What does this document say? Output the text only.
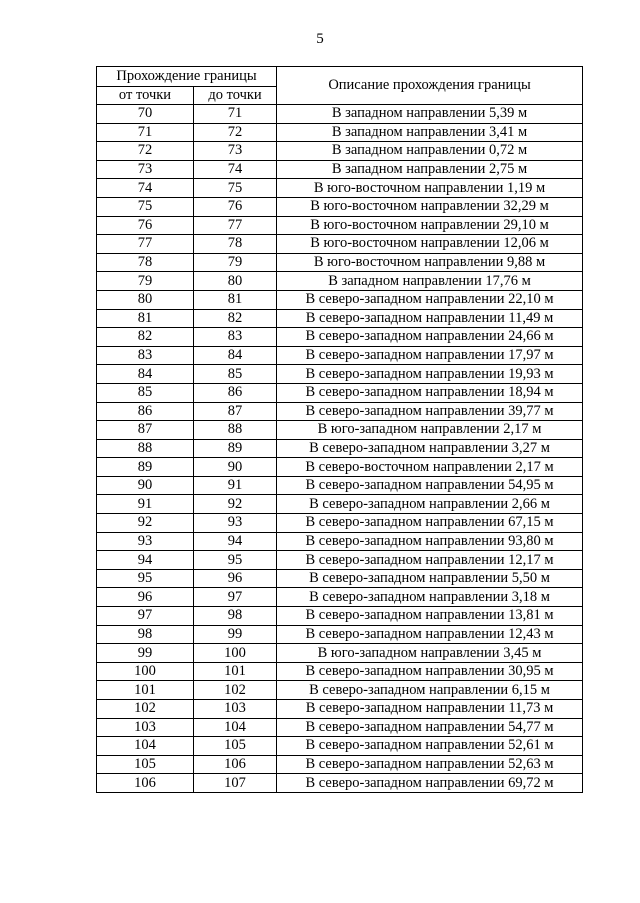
5
Прохождение границы		Описание прохождения границы
от точки	до точки	
70	71	В западном направлении 5,39 м
71	72	В западном направлении 3,41 м
72	73	В западном направлении 0,72 м
73	74	В западном направлении 2,75 м
74	75	В юго-восточном направлении 1,19 м
75	76	В юго-восточном направлении 32,29 м
76	77	В юго-восточном направлении 29,10 м
77	78	В юго-восточном направлении 12,06 м
78	79	В юго-восточном направлении 9,88 м
79	80	В западном направлении 17,76 м
80	81	В северо-западном направлении 22,10 м
81	82	В северо-западном направлении 11,49 м
82	83	В северо-западном направлении 24,66 м
83	84	В северо-западном направлении 17,97 м
84	85	В северо-западном направлении 19,93 м
85	86	В северо-западном направлении 18,94 м
86	87	В северо-западном направлении 39,77 м
87	88	В юго-западном направлении 2,17 м
88	89	В северо-западном направлении 3,27 м
89	90	В северо-восточном направлении 2,17 м
90	91	В северо-западном направлении 54,95 м
91	92	В северо-западном направлении 2,66 м
92	93	В северо-западном направлении 67,15 м
93	94	В северо-западном направлении 93,80 м
94	95	В северо-западном направлении 12,17 м
95	96	В северо-западном направлении 5,50 м
96	97	В северо-западном направлении 3,18 м
97	98	В северо-западном направлении 13,81 м
98	99	В северо-западном направлении 12,43 м
99	100	В юго-западном направлении 3,45 м
100	101	В северо-западном направлении 30,95 м
101	102	В северо-западном направлении 6,15 м
102	103	В северо-западном направлении 11,73 м
103	104	В северо-западном направлении 54,77 м
104	105	В северо-западном направлении 52,61 м
105	106	В северо-западном направлении 52,63 м
106	107	В северо-западном направлении 69,72 м
